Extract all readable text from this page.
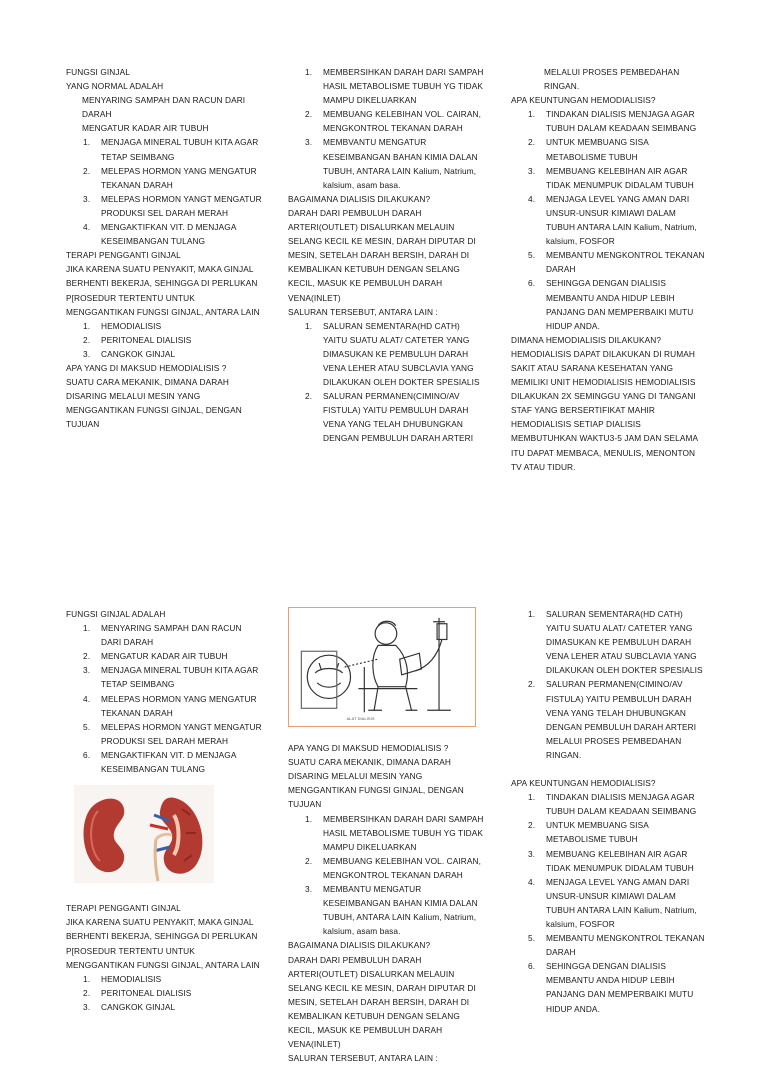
FUNGSI GINJAL

YANG NORMAL ADALAH

MENYARING SAMPAH DAN RACUN DARI DARAH

MENGATUR KADAR AIR TUBUH

1. MENJAGA MINERAL TUBUH KITA AGAR TETAP SEIMBANG
2. MELEPAS HORMON YANG MENGATUR TEKANAN DARAH
3. MELEPAS HORMON YANGT MENGATUR PRODUKSI SEL DARAH MERAH
4. MENGAKTIFKAN VIT. D MENJAGA KESEIMBANGAN TULANG

TERAPI PENGGANTI GINJAL

JIKA KARENA SUATU PENYAKIT, MAKA GINJAL BERHENTI BEKERJA, SEHINGGA DI PERLUKAN P[ROSEDUR TERTENTU UNTUK MENGGANTIKAN FUNGSI GINJAL, ANTARA LAIN

1. HEMODIALISIS
2. PERITONEAL DIALISIS
3. CANGKOK GINJAL

APA YANG DI MAKSUD HEMODIALISIS ?

SUATU CARA MEKANIK, DIMANA DARAH DISARING MELALUI MESIN YANG MENGGANTIKAN FUNGSI GINJAL, DENGAN TUJUAN

1. MEMBERSIHKAN DARAH DARI SAMPAH HASIL METABOLISME TUBUH YG TIDAK MAMPU DIKELUARKAN
2. MEMBUANG KELEBIHAN VOL. CAIRAN, MENGKONTROL TEKANAN DARAH
3. MEMBVANTU MENGATUR KESEIMBANGAN BAHAN KIMIA DALAN TUBUH, ANTARA LAIN Kalium, Natrium, kalsium, asam basa.

BAGAIMANA DIALISIS DILAKUKAN?

DARAH DARI PEMBULUH DARAH ARTERI(OUTLET) DISALURKAN MELAUIN SELANG KECIL KE MESIN, DARAH DIPUTAR DI MESIN, SETELAH DARAH BERSIH, DARAH DI KEMBALIKAN KETUBUH DENGAN SELANG KECIL, MASUK KE PEMBULUH DARAH VENA(INLET)

SALURAN TERSEBUT, ANTARA LAIN :

1. SALURAN SEMENTARA(HD CATH) YAITU SUATU ALAT/ CATETER YANG DIMASUKAN KE PEMBULUH DARAH VENA LEHER ATAU SUBCLAVIA YANG DILAKUKAN OLEH DOKTER SPESIALIS
2. SALURAN PERMANEN(CIMINO/AV FISTULA) YAITU PEMBULUH DARAH VENA YANG TELAH DHUBUNGKAN DENGAN PEMBULUH DARAH ARTERI

MELALUI PROSES PEMBEDAHAN RINGAN.

APA KEUNTUNGAN HEMODIALISIS?

1. TINDAKAN DIALISIS MENJAGA AGAR TUBUH DALAM KEADAAN SEIMBANG
2. UNTUK MEMBUANG SISA METABOLISME TUBUH
3. MEMBUANG KELEBIHAN AIR AGAR TIDAK MENUMPUK DIDALAM TUBUH
4. MENJAGA LEVEL YANG AMAN DARI UNSUR-UNSUR KIMIAWI DALAM TUBUH ANTARA LAIN Kalium, Natrium, kalsium, FOSFOR
5. MEMBANTU MENGKONTROL TEKANAN DARAH
6. SEHINGGA DENGAN DIALISIS MEMBANTU ANDA HIDUP LEBIH PANJANG DAN MEMPERBAIKI MUTU HIDUP ANDA.

DIMANA HEMODIALISIS DILAKUKAN?

HEMODIALISIS DAPAT DILAKUKAN DI RUMAH SAKIT ATAU SARANA KESEHATAN YANG MEMILIKI UNIT HEMODIALISIS HEMODIALISIS DILAKUKAN 2X SEMINGGU YANG DI TANGANI STAF YANG BERSERTIFIKAT MAHIR HEMODIALISIS SETIAP DIALISIS MEMBUTUHKAN WAKTU3-5 JAM DAN SELAMA ITU DAPAT MEMBACA, MENULIS, MENONTON TV ATAU TIDUR.

FUNGSI GINJAL ADALAH

1. MENYARING SAMPAH DAN RACUN DARI DARAH
2. MENGATUR KADAR AIR TUBUH
3. MENJAGA MINERAL TUBUH KITA AGAR TETAP SEIMBANG
4. MELEPAS HORMON YANG MENGATUR TEKANAN DARAH
5. MELEPAS HORMON YANGT MENGATUR PRODUKSI SEL DARAH MERAH
6. MENGAKTIFKAN VIT. D MENJAGA KESEIMBANGAN TULANG

TERAPI PENGGANTI GINJAL

JIKA KARENA SUATU PENYAKIT, MAKA GINJAL BERHENTI BEKERJA, SEHINGGA DI PERLUKAN P[ROSEDUR TERTENTU UNTUK MENGGANTIKAN FUNGSI GINJAL, ANTARA LAIN

1. HEMODIALISIS
2. PERITONEAL DIALISIS
3. CANGKOK GINJAL
ALAT DIALISIS

APA YANG DI MAKSUD HEMODIALISIS ?

SUATU CARA MEKANIK, DIMANA DARAH DISARING MELALUI MESIN YANG MENGGANTIKAN FUNGSI GINJAL, DENGAN TUJUAN

1. MEMBERSIHKAN DARAH DARI SAMPAH HASIL METABOLISME TUBUH YG TIDAK MAMPU DIKELUARKAN
2. MEMBUANG KELEBIHAN VOL. CAIRAN, MENGKONTROL TEKANAN DARAH
3. MEMBANTU MENGATUR KESEIMBANGAN BAHAN KIMIA DALAN TUBUH, ANTARA LAIN Kalium, Natrium, kalsium, asam basa.

BAGAIMANA DIALISIS DILAKUKAN?

DARAH DARI PEMBULUH DARAH ARTERI(OUTLET) DISALURKAN MELAUIN SELANG KECIL KE MESIN, DARAH DIPUTAR DI MESIN, SETELAH DARAH BERSIH, DARAH DI KEMBALIKAN KETUBUH DENGAN SELANG KECIL, MASUK KE PEMBULUH DARAH VENA(INLET)

SALURAN TERSEBUT, ANTARA LAIN :

1. SALURAN SEMENTARA(HD CATH) YAITU SUATU ALAT/ CATETER YANG DIMASUKAN KE PEMBULUH DARAH VENA LEHER ATAU SUBCLAVIA YANG DILAKUKAN OLEH DOKTER SPESIALIS
2. SALURAN PERMANEN(CIMINO/AV FISTULA) YAITU PEMBULUH DARAH VENA YANG TELAH DHUBUNGKAN DENGAN PEMBULUH DARAH ARTERI MELALUI PROSES PEMBEDAHAN RINGAN.

APA KEUNTUNGAN HEMODIALISIS?

1. TINDAKAN DIALISIS MENJAGA AGAR TUBUH DALAM KEADAAN SEIMBANG
2. UNTUK MEMBUANG SISA METABOLISME TUBUH
3. MEMBUANG KELEBIHAN AIR AGAR TIDAK MENUMPUK DIDALAM TUBUH
4. MENJAGA LEVEL YANG AMAN DARI UNSUR-UNSUR KIMIAWI DALAM TUBUH ANTARA LAIN Kalium, Natrium, kalsium, FOSFOR
5. MEMBANTU MENGKONTROL TEKANAN DARAH
6. SEHINGGA DENGAN DIALISIS MEMBANTU ANDA HIDUP LEBIH PANJANG DAN MEMPERBAIKI MUTU HIDUP ANDA.
